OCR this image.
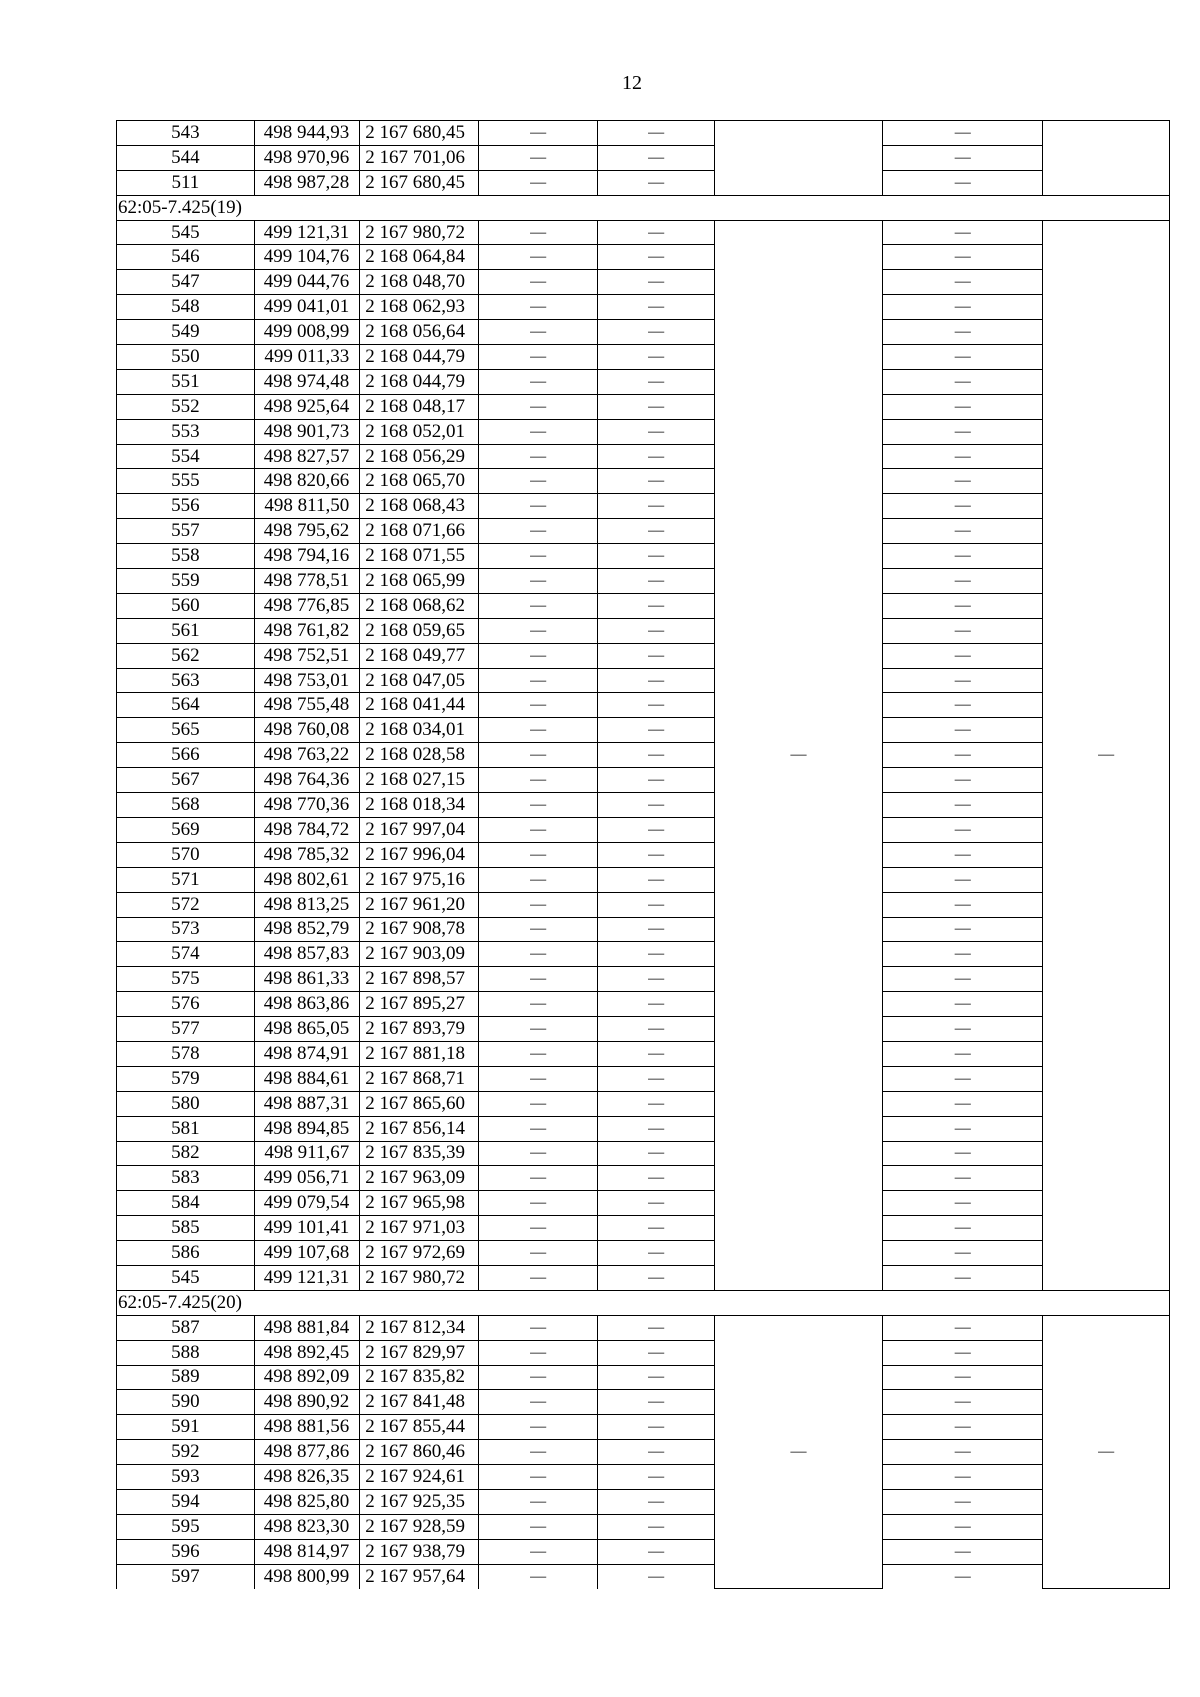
12
543	498 944,93	2 167 680,45	—	—		—	
544	498 970,96	2 167 701,06	—	—		—	
511	498 987,28	2 167 680,45	—	—		—	
62:05-7.425(19)							
545	499 121,31	2 167 980,72	—	—	—	—	—
546	499 104,76	2 168 064,84	—	—		—	
547	499 044,76	2 168 048,70	—	—		—	
548	499 041,01	2 168 062,93	—	—		—	
549	499 008,99	2 168 056,64	—	—		—	
550	499 011,33	2 168 044,79	—	—		—	
551	498 974,48	2 168 044,79	—	—		—	
552	498 925,64	2 168 048,17	—	—		—	
553	498 901,73	2 168 052,01	—	—		—	
554	498 827,57	2 168 056,29	—	—		—	
555	498 820,66	2 168 065,70	—	—		—	
556	498 811,50	2 168 068,43	—	—		—	
557	498 795,62	2 168 071,66	—	—		—	
558	498 794,16	2 168 071,55	—	—		—	
559	498 778,51	2 168 065,99	—	—		—	
560	498 776,85	2 168 068,62	—	—		—	
561	498 761,82	2 168 059,65	—	—		—	
562	498 752,51	2 168 049,77	—	—		—	
563	498 753,01	2 168 047,05	—	—		—	
564	498 755,48	2 168 041,44	—	—		—	
565	498 760,08	2 168 034,01	—	—		—	
566	498 763,22	2 168 028,58	—	—		—	
567	498 764,36	2 168 027,15	—	—		—	
568	498 770,36	2 168 018,34	—	—		—	
569	498 784,72	2 167 997,04	—	—		—	
570	498 785,32	2 167 996,04	—	—		—	
571	498 802,61	2 167 975,16	—	—		—	
572	498 813,25	2 167 961,20	—	—		—	
573	498 852,79	2 167 908,78	—	—		—	
574	498 857,83	2 167 903,09	—	—		—	
575	498 861,33	2 167 898,57	—	—		—	
576	498 863,86	2 167 895,27	—	—		—	
577	498 865,05	2 167 893,79	—	—		—	
578	498 874,91	2 167 881,18	—	—		—	
579	498 884,61	2 167 868,71	—	—		—	
580	498 887,31	2 167 865,60	—	—		—	
581	498 894,85	2 167 856,14	—	—		—	
582	498 911,67	2 167 835,39	—	—		—	
583	499 056,71	2 167 963,09	—	—		—	
584	499 079,54	2 167 965,98	—	—		—	
585	499 101,41	2 167 971,03	—	—		—	
586	499 107,68	2 167 972,69	—	—		—	
545	499 121,31	2 167 980,72	—	—		—	
62:05-7.425(20)							
587	498 881,84	2 167 812,34	—	—	—	—	—
588	498 892,45	2 167 829,97	—	—		—	
589	498 892,09	2 167 835,82	—	—		—	
590	498 890,92	2 167 841,48	—	—		—	
591	498 881,56	2 167 855,44	—	—		—	
592	498 877,86	2 167 860,46	—	—		—	
593	498 826,35	2 167 924,61	—	—		—	
594	498 825,80	2 167 925,35	—	—		—	
595	498 823,30	2 167 928,59	—	—		—	
596	498 814,97	2 167 938,79	—	—		—	
597	498 800,99	2 167 957,64	—	—		—	
